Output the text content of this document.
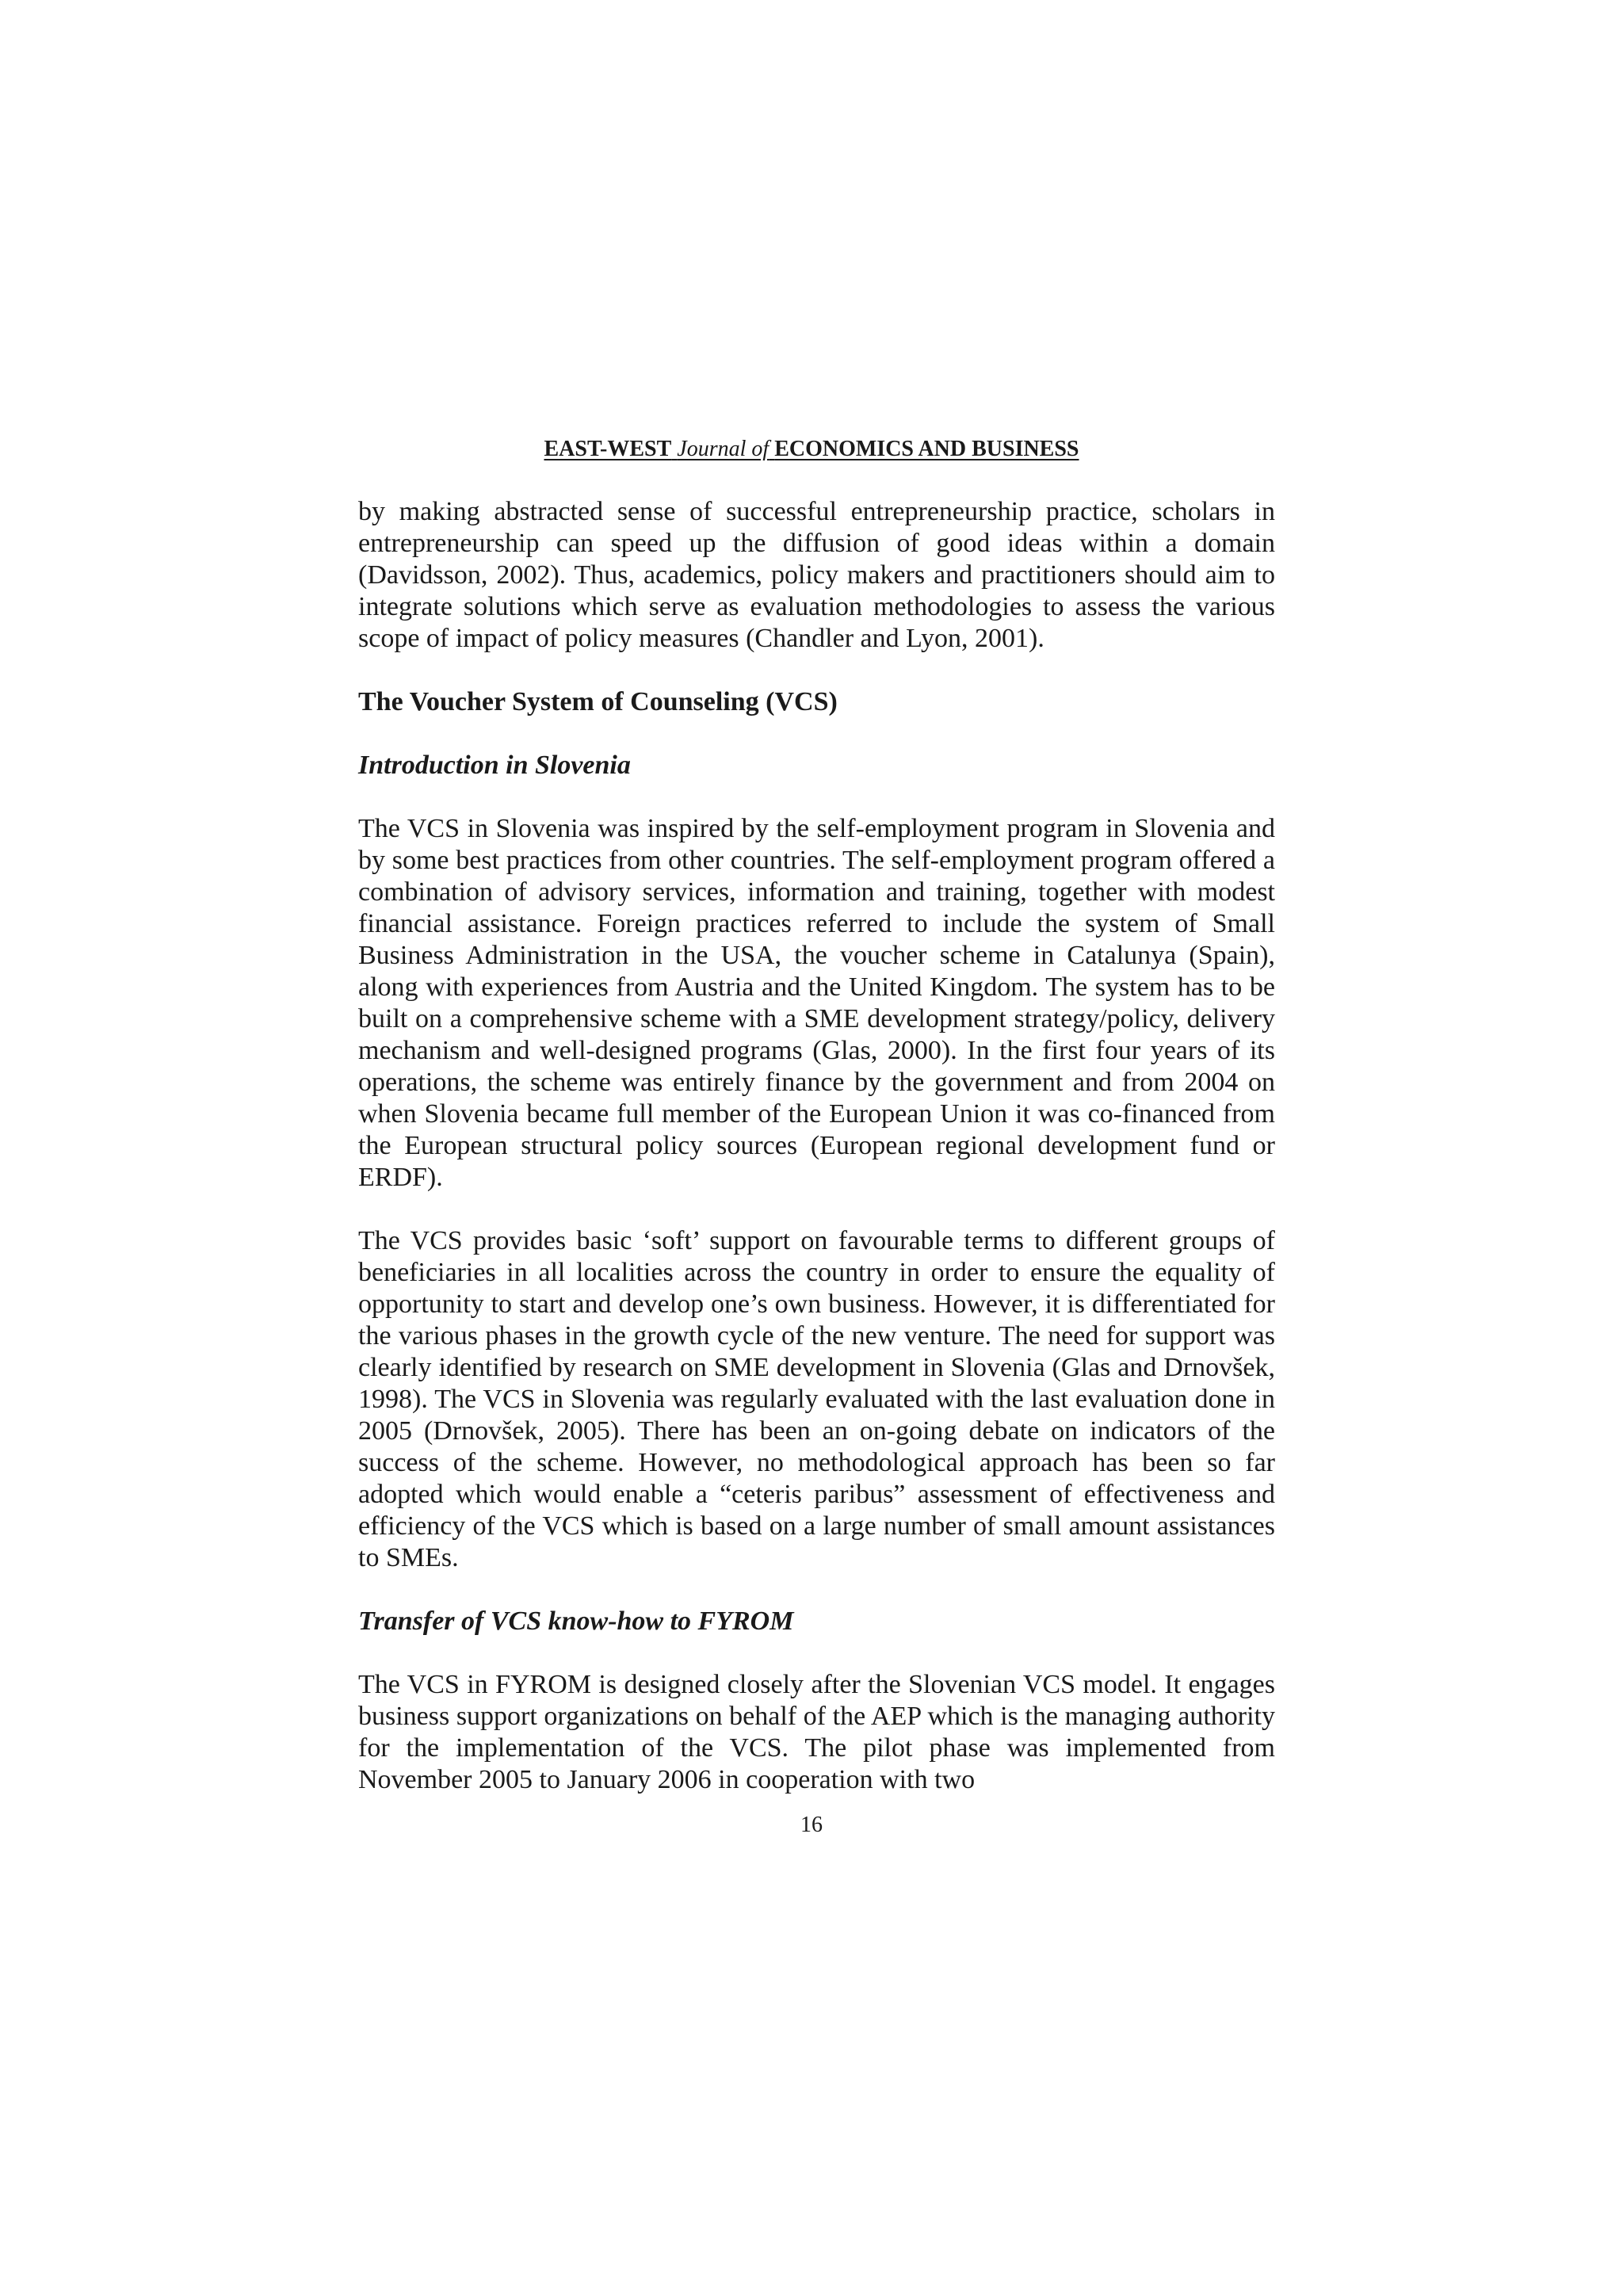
EAST-WEST Journal of ECONOMICS AND BUSINESS

by making abstracted sense of successful entrepreneurship practice, scholars in entrepreneurship can speed up the diffusion of good ideas within a domain (Davidsson, 2002). Thus, academics, policy makers and practitioners should aim to integrate solutions which serve as evaluation methodologies to assess the various scope of impact of policy measures (Chandler and Lyon, 2001).

The Voucher System of Counseling (VCS)
Introduction in Slovenia

The VCS in Slovenia was inspired by the self-employment program in Slovenia and by some best practices from other countries. The self-employment program offered a combination of advisory services, information and training, together with modest financial assistance. Foreign practices referred to include the system of Small Business Administration in the USA, the voucher scheme in Catalunya (Spain), along with experiences from Austria and the United Kingdom. The system has to be built on a comprehensive scheme with a SME development strategy/policy, delivery mechanism and well-designed programs (Glas, 2000). In the first four years of its operations, the scheme was entirely finance by the government and from 2004 on when Slovenia became full member of the European Union it was co-financed from the European structural policy sources (European regional development fund or ERDF).

The VCS provides basic ‘soft’ support on favourable terms to different groups of beneficiaries in all localities across the country in order to ensure the equality of opportunity to start and develop one’s own business. However, it is differentiated for the various phases in the growth cycle of the new venture. The need for support was clearly identified by research on SME development in Slovenia (Glas and Drnovšek, 1998). The VCS in Slovenia was regularly evaluated with the last evaluation done in 2005 (Drnovšek, 2005). There has been an on-going debate on indicators of the success of the scheme. However, no methodological approach has been so far adopted which would enable a “ceteris paribus” assessment of effectiveness and efficiency of the VCS which is based on a large number of small amount assistances to SMEs.

Transfer of VCS know-how to FYROM

The VCS in FYROM is designed closely after the Slovenian VCS model. It engages business support organizations on behalf of the AEP which is the managing authority for the implementation of the VCS. The pilot phase was implemented from November 2005 to January 2006 in cooperation with two

16
